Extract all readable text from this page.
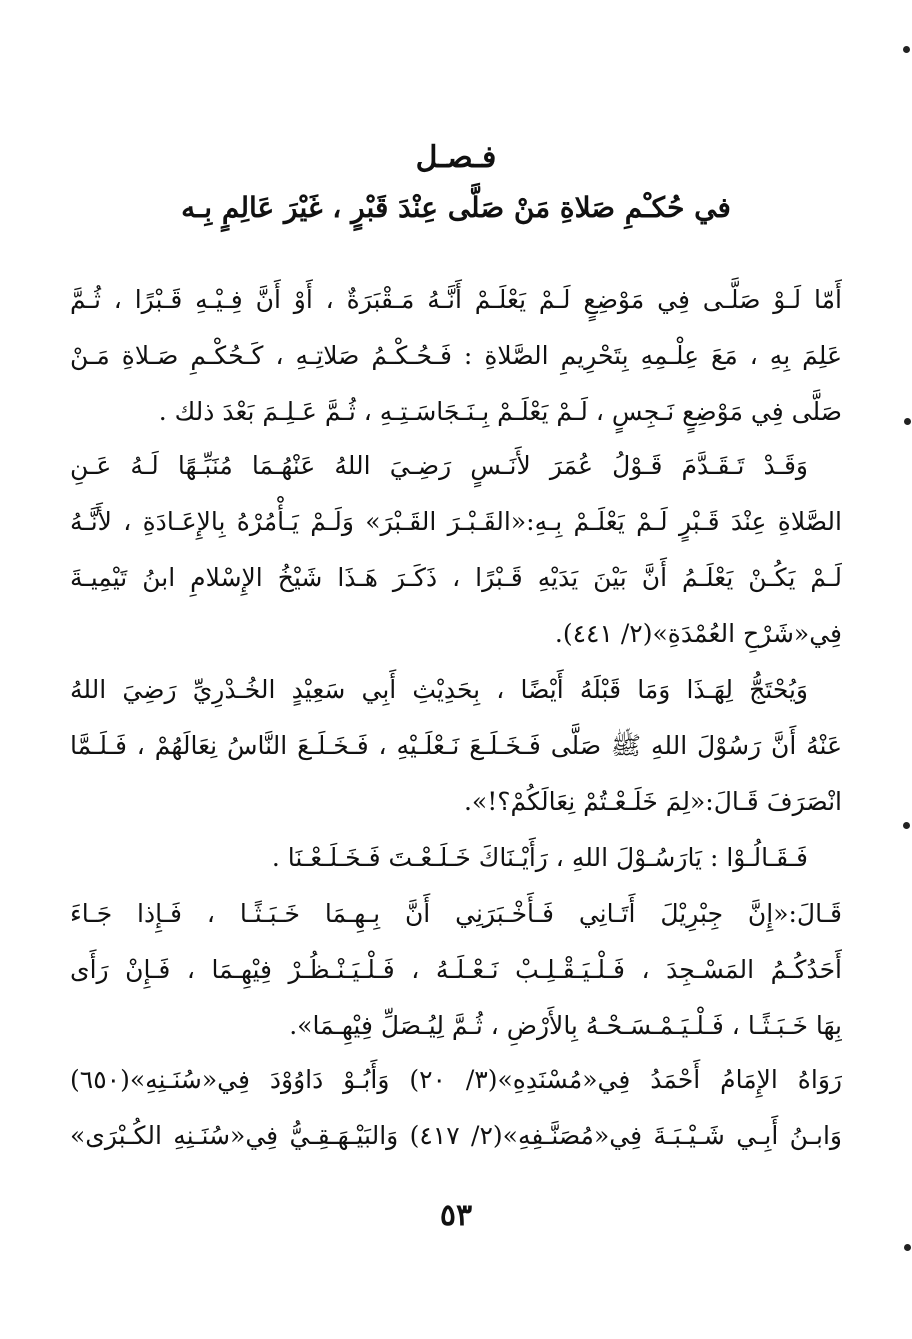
فـصـل
في حُكـْمِ صَلاةِ مَنْ صَلَّى عِنْدَ قَبْرٍ ، غَيْرَ عَالِمٍ بِـه
أَمّا لَـوْ صَلَّـى فِي مَوْضِعٍ لَـمْ يَعْلَـمْ أَنَّـهُ مَـقْبَرَةٌ ، أَوْ أَنَّ فِـيْـهِ قَـبْرًا ، ثُـمَّ
عَلِمَ بِهِ ، مَعَ عِلْـمِهِ بِتَحْرِيمِ الصَّلاةِ : فَـحُـكْـمُ صَلاتِـهِ ، كَـحُكْـمِ صَـلاةِ مَـنْ
صَلَّى فِي مَوْضِعٍ نَـجِسٍ ، لَـمْ يَعْلَـمْ بِـنَـجَاسَـتِـهِ ، ثُـمَّ عَـلِـمَ بَعْدَ ذلك .
وَقَـدْ تَـقَـدَّمَ قَـوْلُ عُمَرَ لأَنَـسٍ رَضِـيَ اللهُ عَنْهُـمَا مُنَبِّـهًا لَـهُ عَـنِ
الصَّلاةِ عِنْدَ قَـبْرٍ لَـمْ يَعْلَـمْ بِـهِ:«القَـبْـرَ القَـبْرَ» وَلَـمْ يَـأْمُرْهُ بِالإِعَـادَةِ ، لأَنَّـهُ
لَـمْ يَكُـنْ يَعْلَـمُ أَنَّ بَيْنَ يَدَيْهِ قَـبْرًا ، ذَكَـرَ هَـذَا شَيْخُ الإِسْلامِ ابنُ تَيْمِيـةَ
فِي«شَرْحِ العُمْدَةِ»(٢/ ٤٤١).
وَيُحْتَجُّ لِهَـذَا وَمَا قَبْلَهُ أَيْضًا ، بِحَدِيْثِ أَبِي سَعِيْدٍ الخُـدْرِيِّ رَضِيَ اللهُ
عَنْهُ أَنَّ رَسُوْلَ اللهِ ﷺ صَلَّى فَـخَـلَـعَ نَـعْلَـيْهِ ، فَـخَـلَـعَ النَّاسُ نِعَالَهُمْ ، فَـلَـمَّا
انْصَرَفَ قَـالَ:«لِمَ خَلَـعْـتُمْ نِعَالَكُمْ؟!».
فَـقَـالُـوْا : يَارَسُـوْلَ اللهِ ، رَأَيْـنَاكَ خَـلَـعْـتَ فَـخَـلَـعْـنَا .
قَـالَ:«إِنَّ جِبْرِيْلَ أَتَـانِي فَـأَخْـبَرَنِي أَنَّ بِـهِـمَا خَـبَـثًـا ، فَـإِذا جَـاءَ
أَحَدُكُـمُ المَسْـجِدَ ، فَـلْـيَـقْـلِـبْ نَـعْـلَـهُ ، فَـلْـيَـنْـظُـرْ فِيْهِـمَا ، فَـإِنْ رَأَى
بِهَا خَـبَـثًـا ، فَـلْـيَـمْـسَـحْـهُ بِالأَرْضِ ، ثُـمَّ لِيُـصَلِّ فِيْهِـمَا».
رَوَاهُ الإِمَامُ أَحْمَدُ فِي«مُسْنَدِهِ»(٣/ ٢٠) وَأَبُـوْ دَاوُوْدَ فِي«سُنَـنِهِ»(٦٥٠)
وَابـنُ أَبِـي شَـيْـبَـةَ فِي«مُصَنَّـفِهِ»(٢/ ٤١٧) وَالبَيْـهَـقِـيُّ فِي«سُنَـنِهِ الكُـبْرَى»
٥٣
